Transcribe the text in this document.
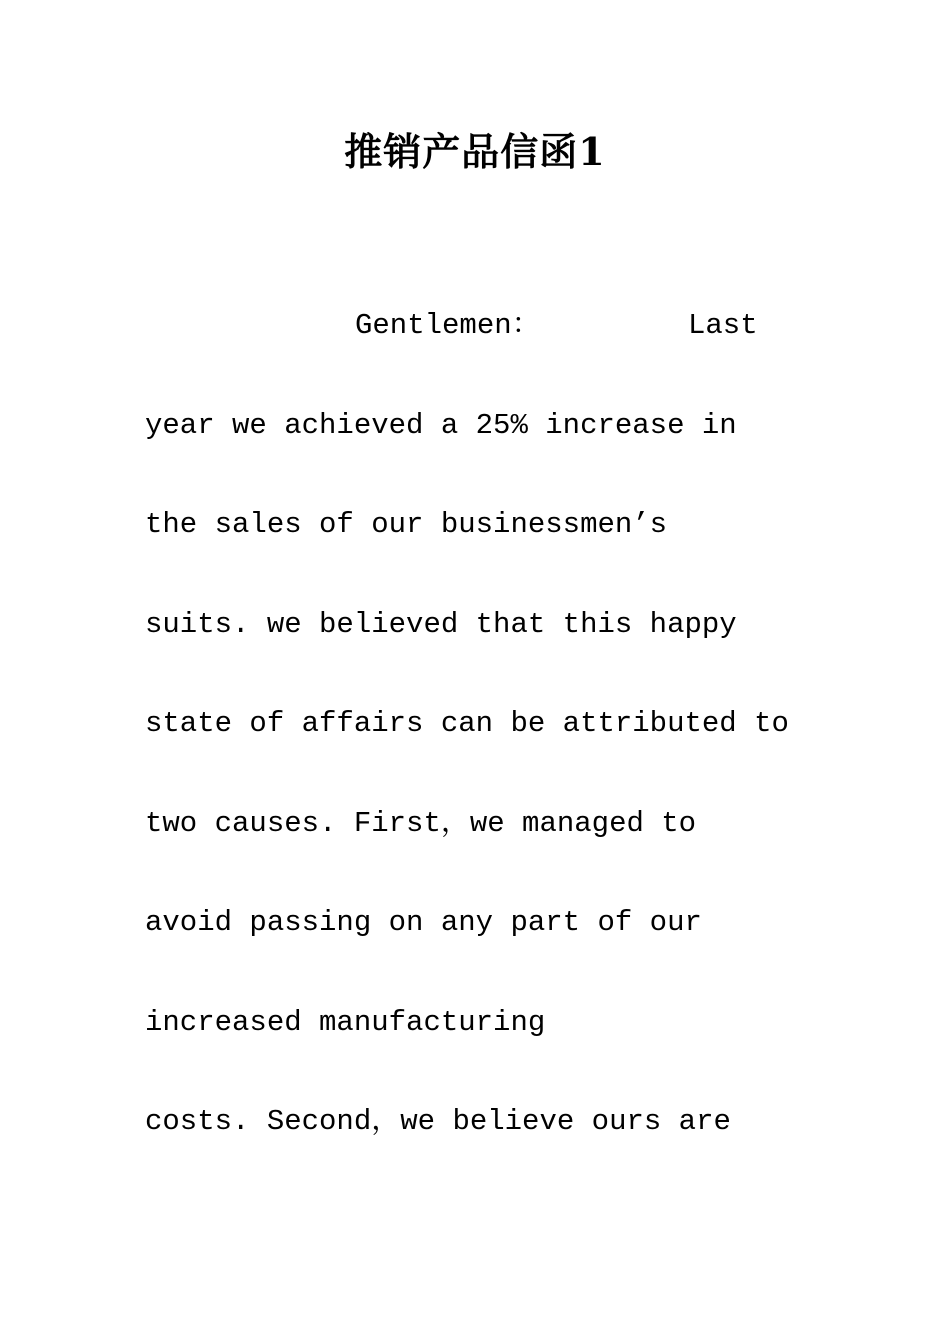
推销产品信函1
Gentlemen：	Last
year we achieved a 25% increase in
the sales of our businessmen’s
suits. we believed that this happy
state of affairs can be attributed to
two causes. First，we managed to
avoid passing on any part of our
increased manufacturing
costs. Second，we believe ours are
